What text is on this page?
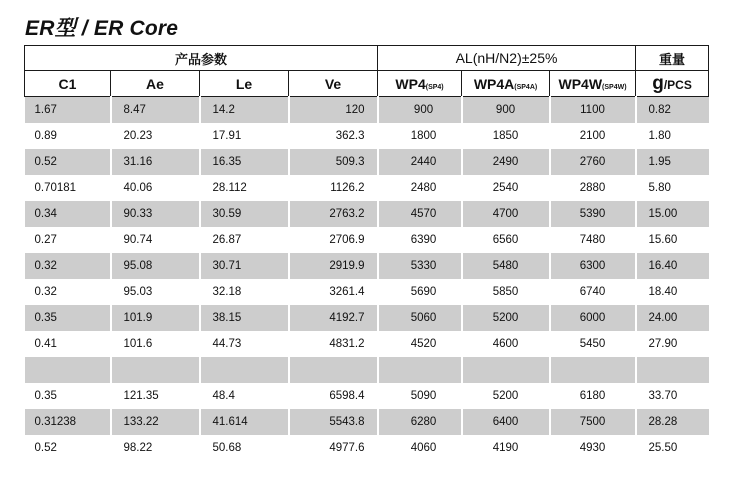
ER型 / ER Core
产品参数				AL(nH/N2)±25%			重量
C1	Ae	Le	Ve	WP4(SP4)	WP4A(SP4A)	WP4W(SP4W)	g/PCS
1.67	8.47	14.2	120	900	900	1100	0.82
0.89	20.23	17.91	362.3	1800	1850	2100	1.80
0.52	31.16	16.35	509.3	2440	2490	2760	1.95
0.70181	40.06	28.112	1126.2	2480	2540	2880	5.80
0.34	90.33	30.59	2763.2	4570	4700	5390	15.00
0.27	90.74	26.87	2706.9	6390	6560	7480	15.60
0.32	95.08	30.71	2919.9	5330	5480	6300	16.40
0.32	95.03	32.18	3261.4	5690	5850	6740	18.40
0.35	101.9	38.15	4192.7	5060	5200	6000	24.00
0.41	101.6	44.73	4831.2	4520	4600	5450	27.90

0.35	121.35	48.4	6598.4	5090	5200	6180	33.70
0.31238	133.22	41.614	5543.8	6280	6400	7500	28.28
0.52	98.22	50.68	4977.6	4060	4190	4930	25.50
